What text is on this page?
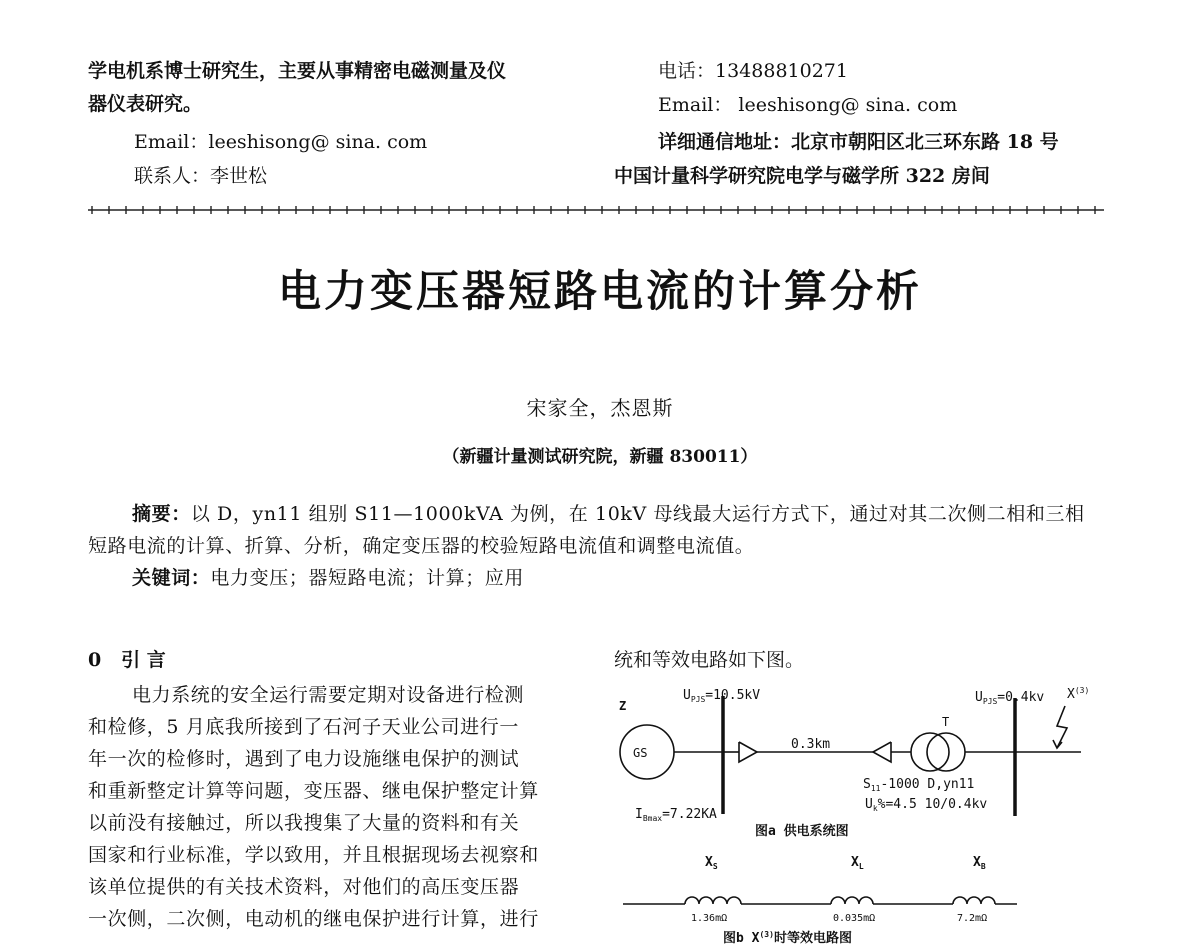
学电机系博士研究生，主要从事精密电磁测量及仪
器仪表研究。
Email：leeshisong@ sina. com
联系人：李世松
电话：13488810271
Email： leeshisong@ sina. com
详细通信地址：北京市朝阳区北三环东路 18 号
中国计量科学研究院电学与磁学所 322 房间
电力变压器短路电流的计算分析
宋家全，杰恩斯
（新疆计量测试研究院，新疆 830011）
摘要：以 D，yn11 组别 S11—1000kVA 为例，在 10kV 母线最大运行方式下，通过对其二次侧二相和三相
短路电流的计算、折算、分析，确定变压器的校验短路电流值和调整电流值。
关键词：电力变压；器短路电流；计算；应用
0 引 言
电力系统的安全运行需要定期对设备进行检测
和检修，5 月底我所接到了石河子天业公司进行一
年一次的检修时，遇到了电力设施继电保护的测试
和重新整定计算等问题，变压器、继电保护整定计算
以前没有接触过，所以我搜集了大量的资料和有关
国家和行业标准，学以致用，并且根据现场去视察和
该单位提供的有关技术资料，对他们的高压变压器
一次侧，二次侧，电动机的继电保护进行计算，进行
统和等效电路如下图。
Z
GS
$U_{PJS}=10.5kV$
$I_{Bmax}=7.22KA$
0.3km
T
$U_{PJS}=0.4kv$ $X^{(3)}$
$S_{11}-1000$ D,yn11
$U_k\%=4.5$ 10/0.4kv
图a 供电系统图
$X_S$	$X_L$	$X_B$
1.36mΩ	0.035mΩ	7.2mΩ
图b $X^{(3)}$时等效电路图
